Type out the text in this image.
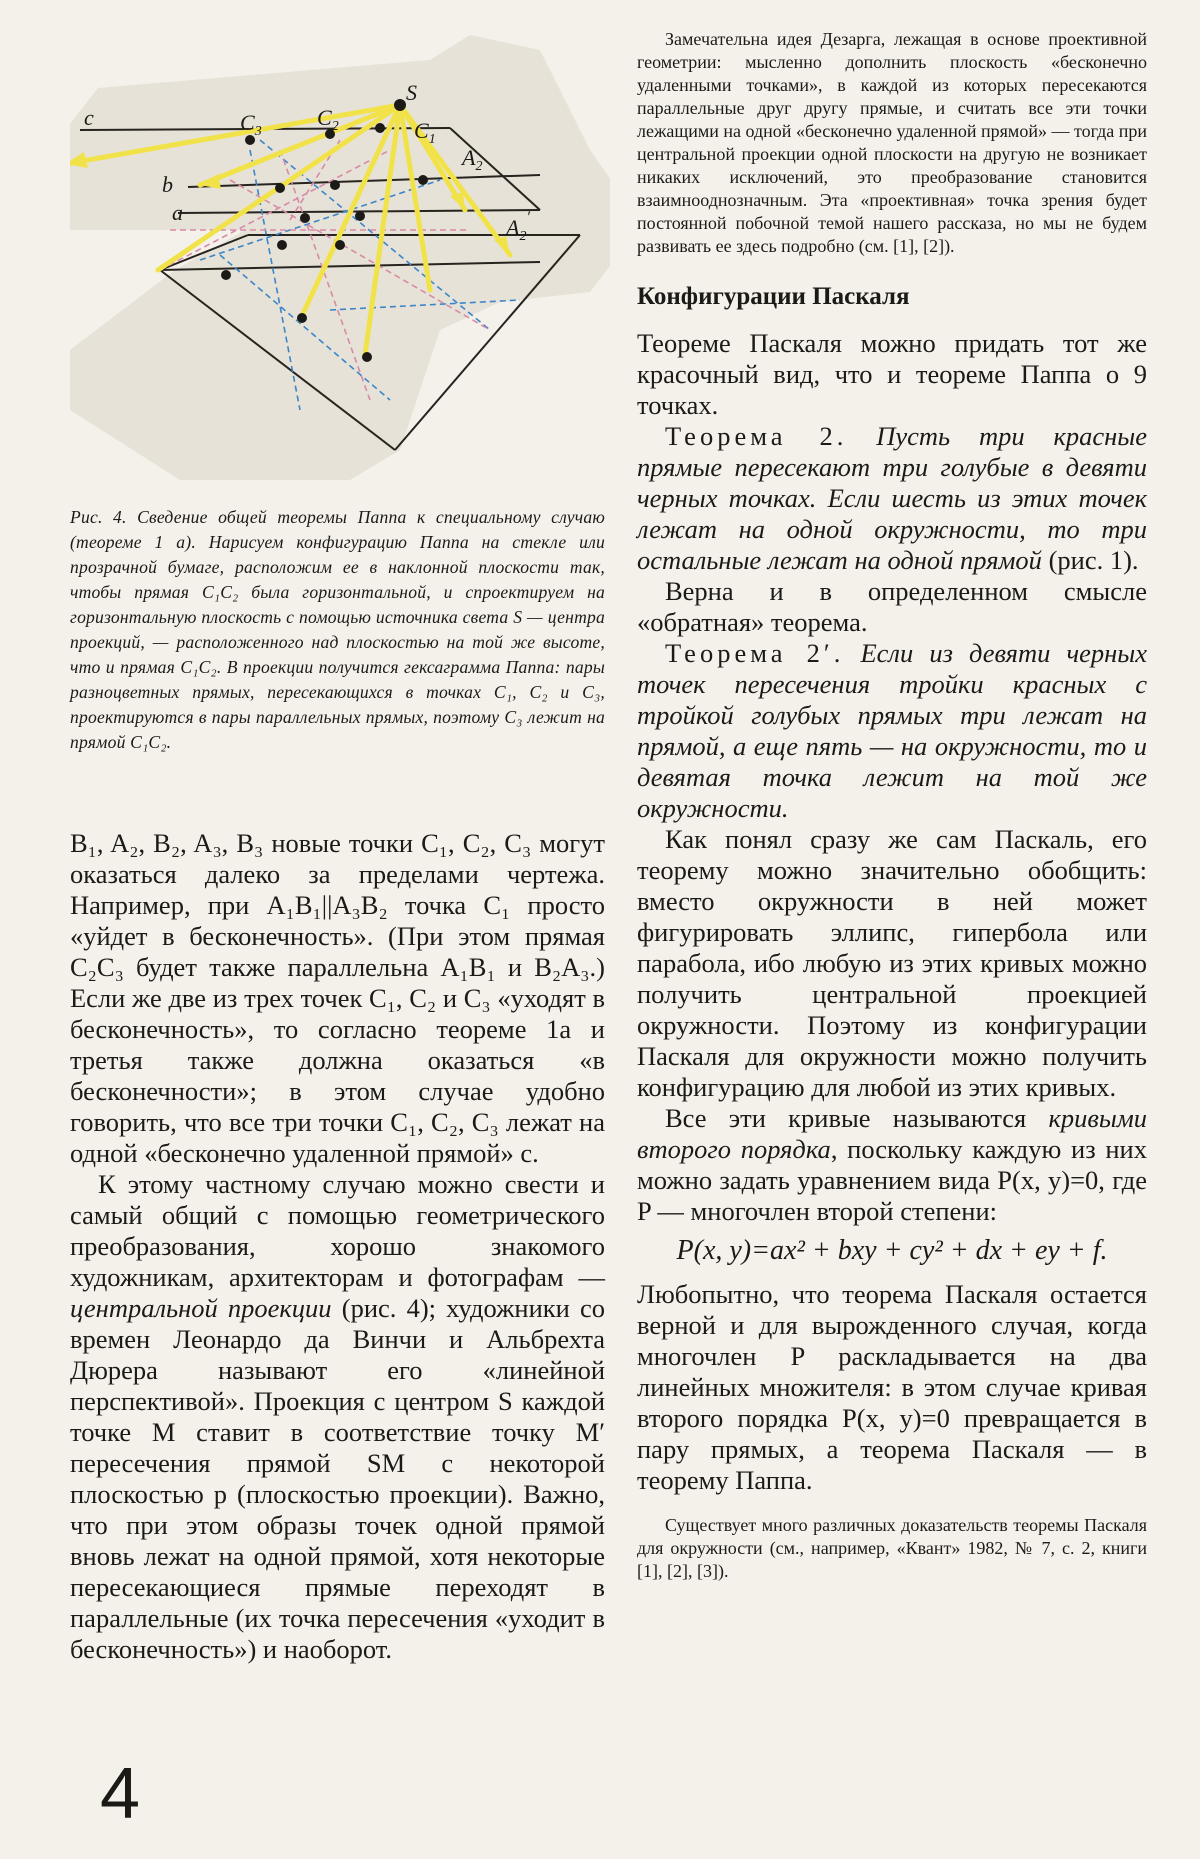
S
c
b
a
$C_3$
$C_2$	$C_1$
$A_2$
$A_2'$

Рис. 4. Сведение общей теоремы Паппа к специальному случаю (теореме 1 а). Нарисуем конфигурацию Паппа на стекле или прозрачной бумаге, расположим ее в наклонной плоскости так, чтобы прямая C₁C₂ была горизонтальной, и спроектируем на горизонтальную плоскость с помощью источника света S — центра проекций, — расположенного над плоскостью на той же высоте, что и прямая C₁C₂. В проекции получится гексаграмма Паппа: пары разноцветных прямых, пересекающихся в точках C₁, C₂ и C₃, проектируются в пары параллельных прямых, поэтому C₃ лежит на прямой C₁C₂.

B₁, A₂, B₂, A₃, B₃ новые точки C₁, C₂, C₃ могут оказаться далеко за пределами чертежа. Например, при A₁B₁||A₃B₂ точка C₁ просто «уйдет в бесконечность». (При этом прямая C₂C₃ будет также параллельна A₁B₁ и B₂A₃.) Если же две из трех точек C₁, C₂ и C₃ «уходят в бесконечность», то согласно теореме 1а и третья также должна оказаться «в бесконечности»; в этом случае удобно говорить, что все три точки C₁, C₂, C₃ лежат на одной «бесконечно удаленной прямой» c.

К этому частному случаю можно свести и самый общий с помощью геометрического преобразования, хорошо знакомого художникам, архитекторам и фотографам — центральной проекции (рис. 4); художники со времен Леонардо да Винчи и Альбрехта Дюрера называют его «линейной перспективой». Проекция с центром S каждой точке M ставит в соответствие точку M′ пересечения прямой SM с некоторой плоскостью p (плоскостью проекции). Важно, что при этом образы точек одной прямой вновь лежат на одной прямой, хотя некоторые пересекающиеся прямые переходят в параллельные (их точка пересечения «уходит в бесконечность») и наоборот.

Замечательна идея Дезарга, лежащая в основе проективной геометрии: мысленно дополнить плоскость «бесконечно удаленными точками», в каждой из которых пересекаются параллельные друг другу прямые, и считать все эти точки лежащими на одной «бесконечно удаленной прямой» — тогда при центральной проекции одной плоскости на другую не возникает никаких исключений, это преобразование становится взаимнооднозначным. Эта «проективная» точка зрения будет постоянной побочной темой нашего рассказа, но мы не будем развивать ее здесь подробно (см. [1], [2]).

Конфигурации Паскаля

Теореме Паскаля можно придать тот же красочный вид, что и теореме Паппа о 9 точках.

Теорема 2. Пусть три красные прямые пересекают три голубые в девяти черных точках. Если шесть из этих точек лежат на одной окружности, то три остальные лежат на одной прямой (рис. 1).

Верна и в определенном смысле «обратная» теорема.

Теорема 2′. Если из девяти черных точек пересечения тройки красных с тройкой голубых прямых три лежат на прямой, а еще пять — на окружности, то и девятая точка лежит на той же окружности.

Как понял сразу же сам Паскаль, его теорему можно значительно обобщить: вместо окружности в ней может фигурировать эллипс, гипербола или парабола, ибо любую из этих кривых можно получить центральной проекцией окружности. Поэтому из конфигурации Паскаля для окружности можно получить конфигурацию для любой из этих кривых.

Все эти кривые называются кривыми второго порядка, поскольку каждую из них можно задать уравнением вида P(x, y)=0, где P — многочлен второй степени:

P(x, y)=ax² + bxy + cy² + dx + ey + f.

Любопытно, что теорема Паскаля остается верной и для вырожденного случая, когда многочлен P раскладывается на два линейных множителя: в этом случае кривая второго порядка P(x, y)=0 превращается в пару прямых, а теорема Паскаля — в теорему Паппа.

Существует много различных доказательств теоремы Паскаля для окружности (см., например, «Квант» 1982, № 7, с. 2, книги [1], [2], [3]).

4
